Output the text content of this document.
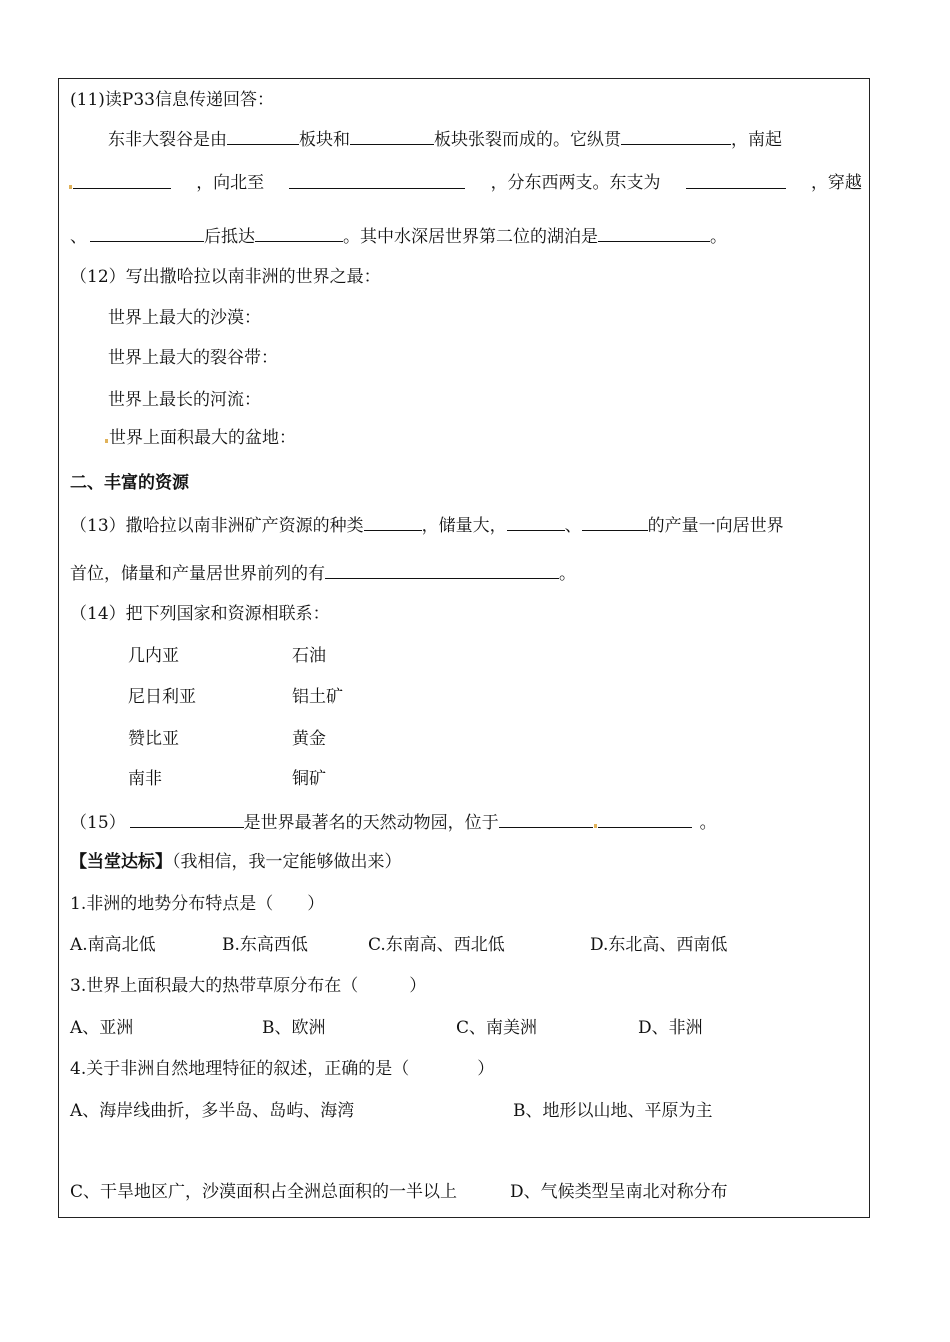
(11)读P33信息传递回答：
东非大裂谷是由	板块和	板块张裂而成的。它纵贯	，南起
，向北至	，分东西两支。东支为	，穿越
、	后抵达	。其中水深居世界第二位的湖泊是	。
（12）写出撒哈拉以南非洲的世界之最：
世界上最大的沙漠：
世界上最大的裂谷带：
世界上最长的河流：
世界上面积最大的盆地：
二、丰富的资源
（13）撒哈拉以南非洲矿产资源的种类	，储量大，	、	的产量一向居世界
首位，储量和产量居世界前列的有	。
（14）把下列国家和资源相联系：
几内亚	石油
尼日利亚	铝土矿
赞比亚	黄金
南非	铜矿
（15）	是世界最著名的天然动物园，位于	。
【当堂达标】（我相信，我一定能够做出来）
1.非洲的地势分布特点是（　　）
A.南高北低	B.东高西低	C.东南高、西北低	D.东北高、西南低
3.世界上面积最大的热带草原分布在（　　　）
A、亚洲	B、欧洲	C、南美洲	D、非洲
4.关于非洲自然地理特征的叙述，正确的是（　　　　）
A、海岸线曲折，多半岛、岛屿、海湾	B、地形以山地、平原为主
C、干旱地区广，沙漠面积占全洲总面积的一半以上	D、气候类型呈南北对称分布
